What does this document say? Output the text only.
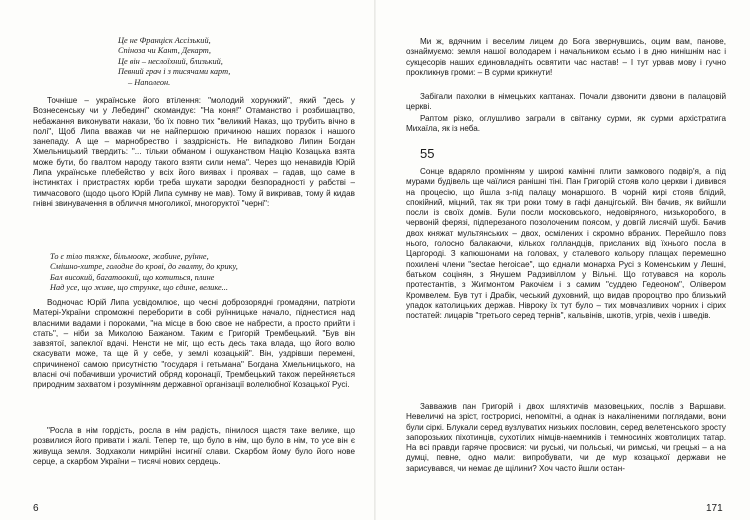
Це не Франціск Ассізький,
Спіноза чи Кант, Декарт,
Це він – неслоїхний, близький,
Певний грач і з тисячами карт,
– Наполеон.

Точніше – українське його втілення: "молодий хорунжий", який "десь у Вознесенську чи у Лебедині" скомандує: "На коня!" Отаманство і розбишацтво, небажання виконувати накази, 'бо їх повно тих "великий Наказ, що трубить вічно в полі", Щоб Липа вважав чи не найпершою причиною наших поразок і нашого занепаду. А ще – марнобрество і заздрісність. Не випадково Липин Богдан Хмельницький твердить: "... тільки обманом і ошуканством Націю Козацька взята може бути, бо гвалтом народу такого взяти сили нема". Через що ненавидів Юрій Липа українське плебейство у всіх його виявах і проявах – гадав, що саме в інстинктах і пристрастях юрби треба шукати зародки безпорадності у рабстві – тимчасового (щодо цього Юрій Липа сумнву не мав). Тому й викривав, тому й кидав гнівні звинувачення в обличчя многоликої, многоруктої "черні":

То є тіло тяжке, більмооке, жабине, руїнне,
Смішно-хитре, голодне до крові, до гвалту, до крику,
Бал високий, багатоокий, що котиться, плине
Над усе, що живе, що струнке, що єдине, велике...

Водночас Юрій Липа усвідомлює, що чесні доброзорядні громадяни, патріоти Матері-України спроможні переборити в собі руїнницьке начало, піднестися над власними вадами і пороками, "на місце в бою свое не набрести, а просто прийти і стать", – ніби за Миколою Бажаном. Таким є Григорій Трембецький. "Був він завзятої, запеклої вдачі. Ненсти не міг, що есть десь така влада, що його волю скасувати може, та ще й у себе, у землі козацькій". Він, уздрівши перемені, спричиненої самою присутністю "государя і гетьмана" Богдана Хмельницького, на власні очі побачивши урочистий обряд коронації, Трембецький також перейняється природним захватом і розумінням державної організації волелюбної Козацької Русі.

"Росла в нім гордість, росла в нім радість, пінилося щастя таке велике, що розвилися його привати і жалі. Тепер те, що було в нім, що було в нім, то усе він є живуща земля. Зодхаколи нимрійні інсигнії слави. Скарбом йому було його нове серце, а скарбом України – тисячі нових сердець.

6

Ми ж, вдячним і веселим лицем до Бога звернувшись, оцим вам, панове, ознаймуємо: земля нашої володарем і начальником єсьмо і в дню нинішнім нас і сукцесорів наших єдиновладніть освятити час настав! – І тут урвав мову і гучно прокликнув громи: – В сурми крикнути!

Забігали пахолки в німецьких каптанах. Почали дзвонити дзвони в палацовій церкві.

Раптом різко, оглушливо заграли в світанку сурми, як сурми архістратига Михаїла, як із неба.

55

Сонце вдаряло промінням у широкі камінні плити замкового подвір'я, а під мурами будівель ще чаїлися ранішні тіні. Пан Григорій стояв коло церкви і дивився на процесію, що йшла з-під палацу монаршого. В чорній кирі стояв блідий, спокійний, міцний, так як три роки тому в гафі данцігській. Він бачив, як вийшли посли із своїх домів. Були посли московського, недовіряного, низькоробого, в червоній ферязі, підперезаного позолоченим поясом, у довгій лисячій шубі. Бачив двох княжат мультянських – двох, осмілених і скромно вбраних. Перейшло повз нього, голосно балакаючи, кількох голландців, присланих від їхнього посла в Царгороді. З капюшонами на головах, у сталевого кольору плащах перемешно похилені члени "sectae heroicae", що єднали монарха Русі з Коменським у Лешні, батьком соцінян, з Янушем Радзивіллом у Вільні. Що готувався на король протестантів, з Жигмонтом Ракочієм і з самим "суддею Гедеоном", Олівером Кромвелем. Був тут і Драбік, чеський духовний, що видав пророцтво про близький упадок католицьких держав. Нівроку їх тут було – тих мовчазливих чорних і сірих постатей: лицарів "третього серед тернів", кальвінів, шкотів, угрів, чехів і шведів.

Завважив пан Григорій і двох шляхтичів мазовецьких, послів з Варшави. Невеличкі на зріст, гострорисі, непомітні, а однак із накаліненими поглядами, вони були сіркі. Блукали серед вузлуватих низьких пословин, серед велетенського зросту запорозьких піхотинців, сухотілих німців-наемників і темносиніх жовтолицих татар. На всі правди гаряче просвися: чи руські, чи польські, чи римські, чи грецькі – а на думці, певне, одно мали: випробувати, чи де мур козацької держави не зарисувався, чи немає де щілини? Хоч часто йшли остан-

171
